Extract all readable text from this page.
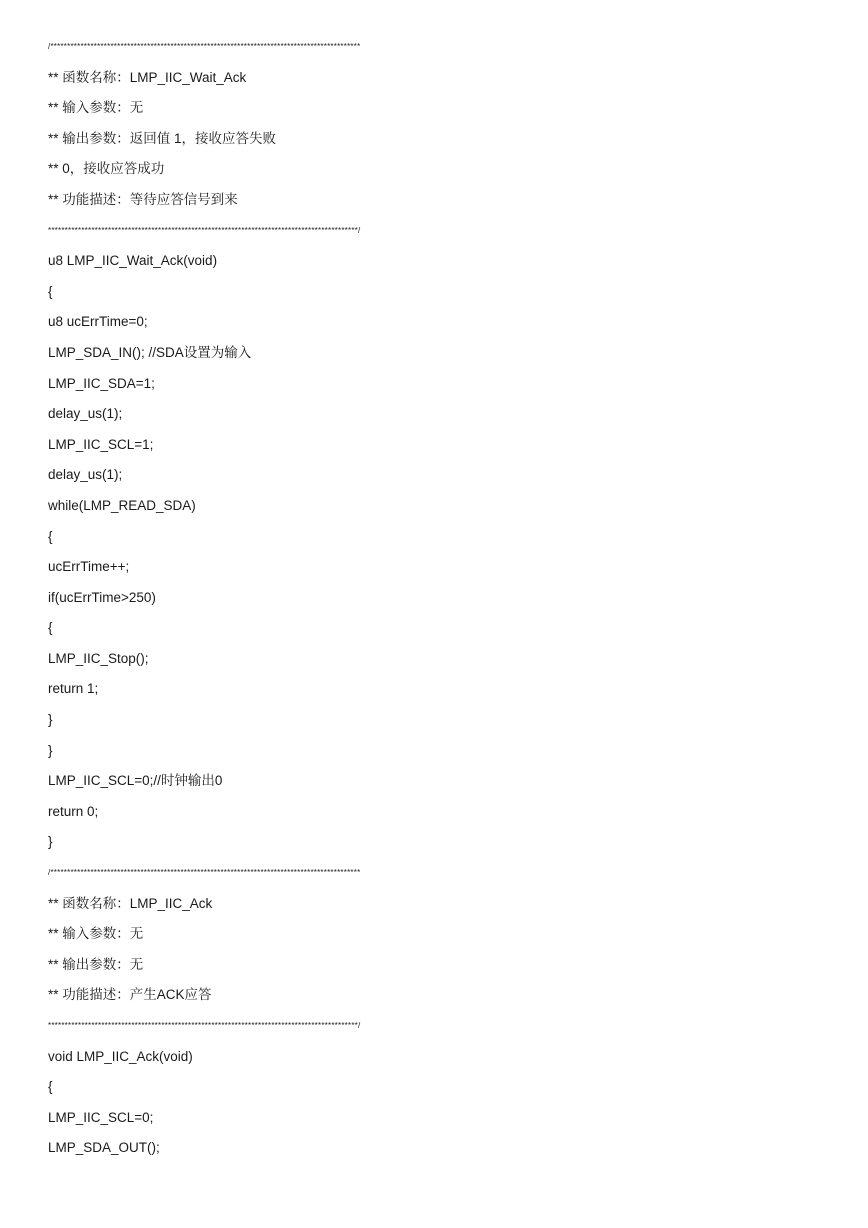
/*********************************************************************************************
** 函数名称：LMP_IIC_Wait_Ack
** 输入参数：无
** 输出参数：返回值 1，接收应答失败
** 0，接收应答成功
** 功能描述：等待应答信号到来
*********************************************************************************************/
u8 LMP_IIC_Wait_Ack(void)
{
u8 ucErrTime=0;
LMP_SDA_IN(); //SDA设置为输入
LMP_IIC_SDA=1;
delay_us(1);
LMP_IIC_SCL=1;
delay_us(1);
while(LMP_READ_SDA)
{
ucErrTime++;
if(ucErrTime>250)
{
LMP_IIC_Stop();
return 1;
}
}
LMP_IIC_SCL=0;//时钟输出0
return 0;
}
/*********************************************************************************************
** 函数名称：LMP_IIC_Ack
** 输入参数：无
** 输出参数：无
** 功能描述：产生ACK应答
*********************************************************************************************/
void LMP_IIC_Ack(void)
{
LMP_IIC_SCL=0;
LMP_SDA_OUT();
